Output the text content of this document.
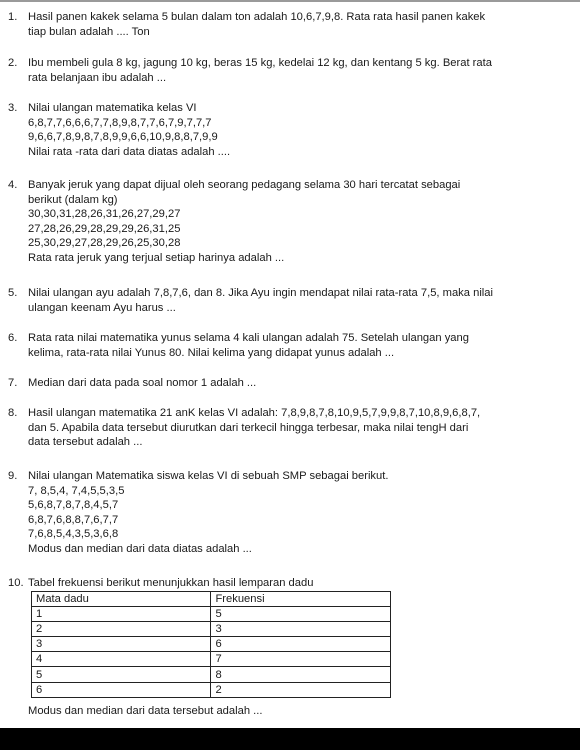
1. Hasil panen kakek selama 5 bulan dalam ton adalah 10,6,7,9,8. Rata rata hasil panen kakek
tiap bulan adalah .... Ton
2. Ibu membeli gula 8 kg, jagung 10 kg, beras 15 kg, kedelai 12 kg, dan kentang 5 kg. Berat rata
rata belanjaan ibu adalah ...
3. Nilai ulangan matematika kelas VI
6,8,7,7,6,6,6,7,7,8,9,8,7,7,6,7,9,7,7,7
9,6,6,7,8,9,8,7,8,9,9,6,6,10,9,8,8,7,9,9
Nilai rata -rata dari data diatas adalah ....
4. Banyak jeruk yang dapat dijual oleh seorang pedagang selama 30 hari tercatat sebagai
berikut (dalam kg)
30,30,31,28,26,31,26,27,29,27
27,28,26,29,28,29,29,26,31,25
25,30,29,27,28,29,26,25,30,28
Rata rata jeruk yang terjual setiap harinya adalah ...
5. Nilai ulangan ayu adalah 7,8,7,6, dan 8. Jika Ayu ingin mendapat nilai rata-rata 7,5, maka nilai
ulangan keenam Ayu harus ...
6. Rata rata nilai matematika yunus selama 4 kali ulangan adalah 75. Setelah ulangan yang
kelima, rata-rata nilai Yunus 80. Nilai kelima yang didapat yunus adalah ...
7. Median dari data pada soal nomor 1 adalah ...
8. Hasil ulangan matematika 21 anK kelas VI adalah: 7,8,9,8,7,8,10,9,5,7,9,9,8,7,10,8,9,6,8,7,
dan 5. Apabila data tersebut diurutkan dari terkecil hingga terbesar, maka nilai tengH dari
data tersebut adalah ...
9. Nilai ulangan Matematika siswa kelas VI di sebuah SMP sebagai berikut.
7, 8,5,4, 7,4,5,5,3,5
5,6,8,7,8,7,8,4,5,7
6,8,7,6,8,8,7,6,7,7
7,6,8,5,4,3,5,3,6,8
Modus dan median dari data diatas adalah ...
10. Tabel frekuensi berikut menunjukkan hasil lemparan dadu
Mata dadu	Frekuensi
1	5
2	3
3	6
4	7
5	8
6	2
Modus dan median dari data tersebut adalah ...
